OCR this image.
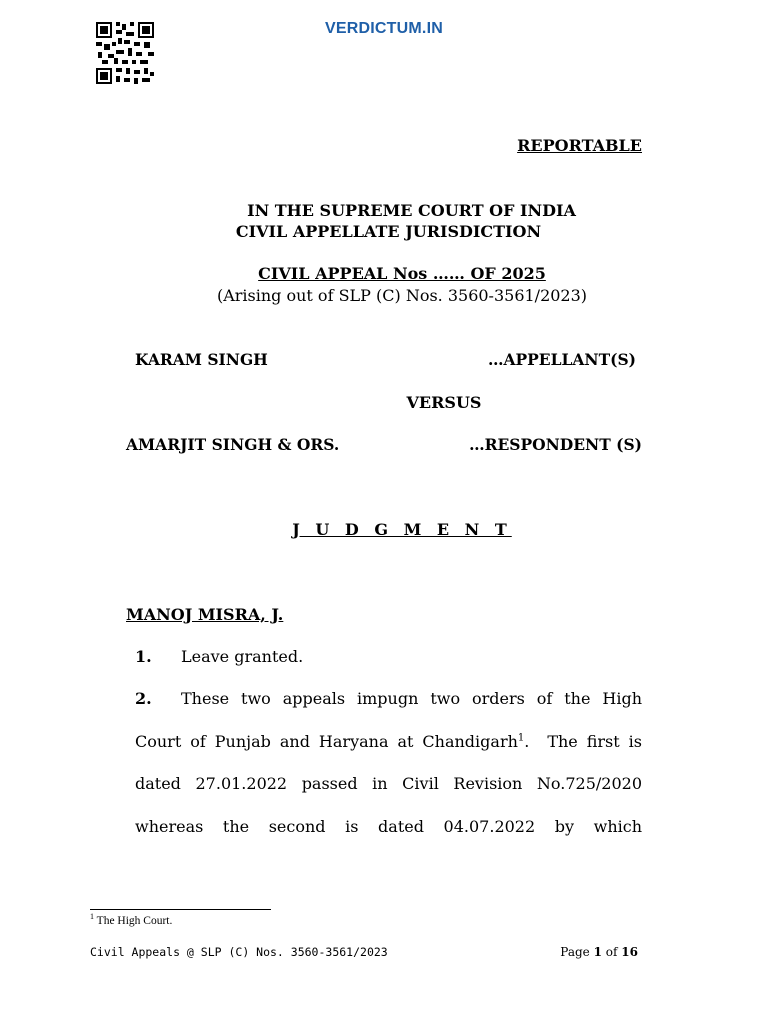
VERDICTUM.IN
REPORTABLE
IN THE SUPREME COURT OF INDIA
CIVIL APPELLATE JURISDICTION
CIVIL APPEAL Nos …… OF 2025
(Arising out of SLP (C) Nos. 3560-3561/2023)
KARAM SINGH	…APPELLANT(S)
VERSUS
AMARJIT SINGH & ORS.	…RESPONDENT (S)
J U D G M E N T
MANOJ MISRA, J.
1. Leave granted.
2. These two appeals impugn two orders of the High
Court of Punjab and Haryana at Chandigarh$^1$.  The first is
dated 27.01.2022 passed in Civil Revision No.725/2020
whereas the second is dated 04.07.2022 by which
$^1$ The High Court.
Civil Appeals @ SLP (C) Nos. 3560-3561/2023	Page 1 of 16
